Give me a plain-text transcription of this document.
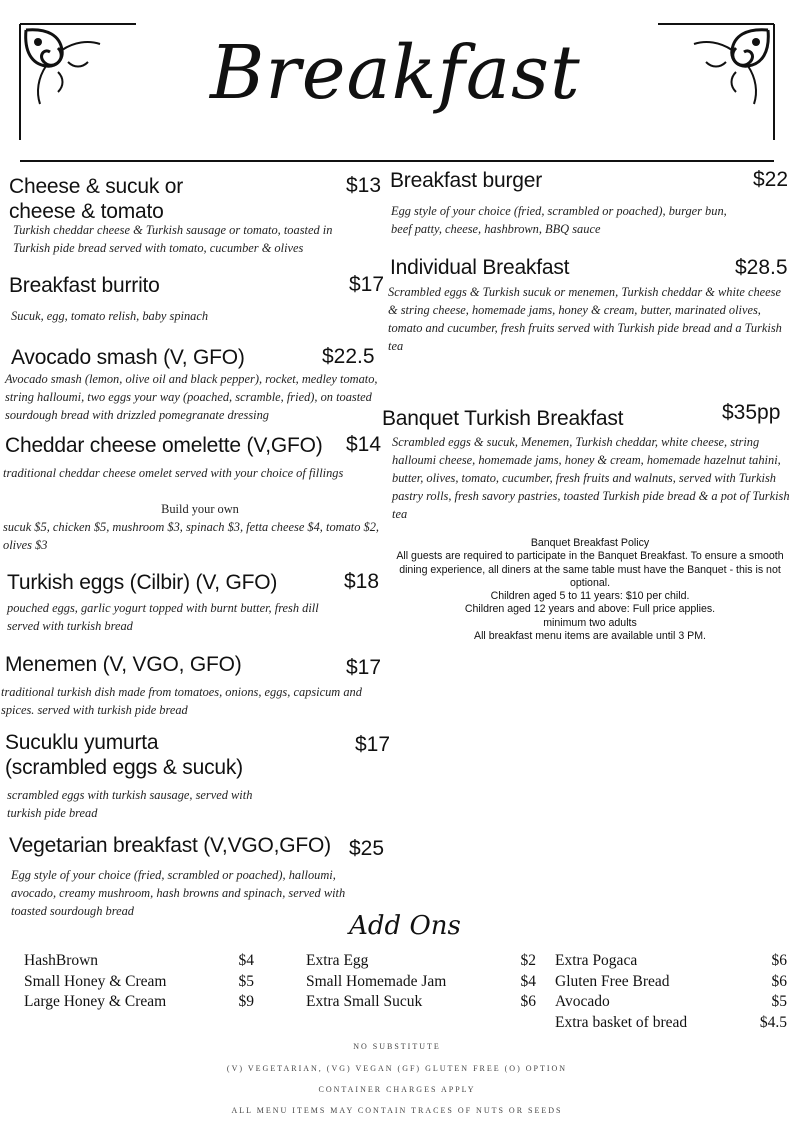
Breakfast
Cheese & sucuk or
cheese & tomato
$13
Turkish cheddar cheese & Turkish sausage or tomato, toasted in Turkish pide bread served with tomato, cucumber & olives
Breakfast burrito	$17
Sucuk, egg, tomato relish, baby spinach
Avocado smash (V, GFO)	$22.5
Avocado smash (lemon, olive oil and black pepper), rocket, medley tomato, string halloumi, two eggs your way (poached, scramble, fried), on toasted sourdough bread with drizzled pomegranate dressing
Cheddar cheese omelette (V,GFO)	$14
traditional cheddar cheese omelet served with your choice of fillings
Build your own
sucuk $5, chicken $5, mushroom $3, spinach $3, fetta cheese $4, tomato $2, olives $3
Turkish eggs (Cilbir) (V, GFO)	$18
pouched eggs, garlic yogurt topped with burnt butter, fresh dill served with turkish bread
Menemen (V, VGO, GFO)	$17
traditional turkish dish made from tomatoes, onions, eggs, capsicum and spices. served with turkish pide bread
Sucuklu yumurta
(scrambled eggs & sucuk)
$17
scrambled eggs with turkish sausage, served with turkish pide bread
Vegetarian breakfast (V,VGO,GFO) $25
Egg style of your choice (fried, scrambled or poached), halloumi, avocado, creamy mushroom, hash browns and spinach, served with toasted sourdough bread
Breakfast burger	$22
Egg style of your choice (fried, scrambled or poached), burger bun, beef patty, cheese, hashbrown, BBQ sauce
Individual Breakfast	$28.5
Scrambled eggs & Turkish sucuk or menemen, Turkish cheddar & white cheese & string cheese, homemade jams, honey & cream, butter, marinated olives, tomato and cucumber, fresh fruits served with Turkish pide bread and a Turkish tea
Banquet Turkish Breakfast	$35pp
Scrambled eggs & sucuk, Menemen, Turkish cheddar, white cheese, string halloumi cheese, homemade jams, honey & cream, homemade hazelnut tahini, butter, olives, tomato, cucumber, fresh fruits and walnuts, served with Turkish pastry rolls, fresh savory pastries, toasted Turkish pide bread & a pot of Turkish tea
Banquet Breakfast Policy
All guests are required to participate in the Banquet Breakfast. To ensure a smooth dining experience, all diners at the same table must have the Banquet - this is not optional.
Children aged 5 to 11 years: $10 per child.
Children aged 12 years and above: Full price applies.
minimum two adults
All breakfast menu items are available until 3 PM.
Add Ons
HashBrown	$4
Small Honey & Cream	$5
Large Honey & Cream	$9
Extra Egg	$2
Small Homemade Jam	$4
Extra Small Sucuk	$6
Extra Pogaca	$6
Gluten Free Bread	$6
Avocado	$5
Extra basket of bread	$4.5
NO SUBSTITUTE
(V) VEGETARIAN, (VG) VEGAN (GF) GLUTEN FREE (O) OPTION
CONTAINER CHARGES APPLY
ALL MENU ITEMS MAY CONTAIN TRACES OF NUTS OR SEEDS
